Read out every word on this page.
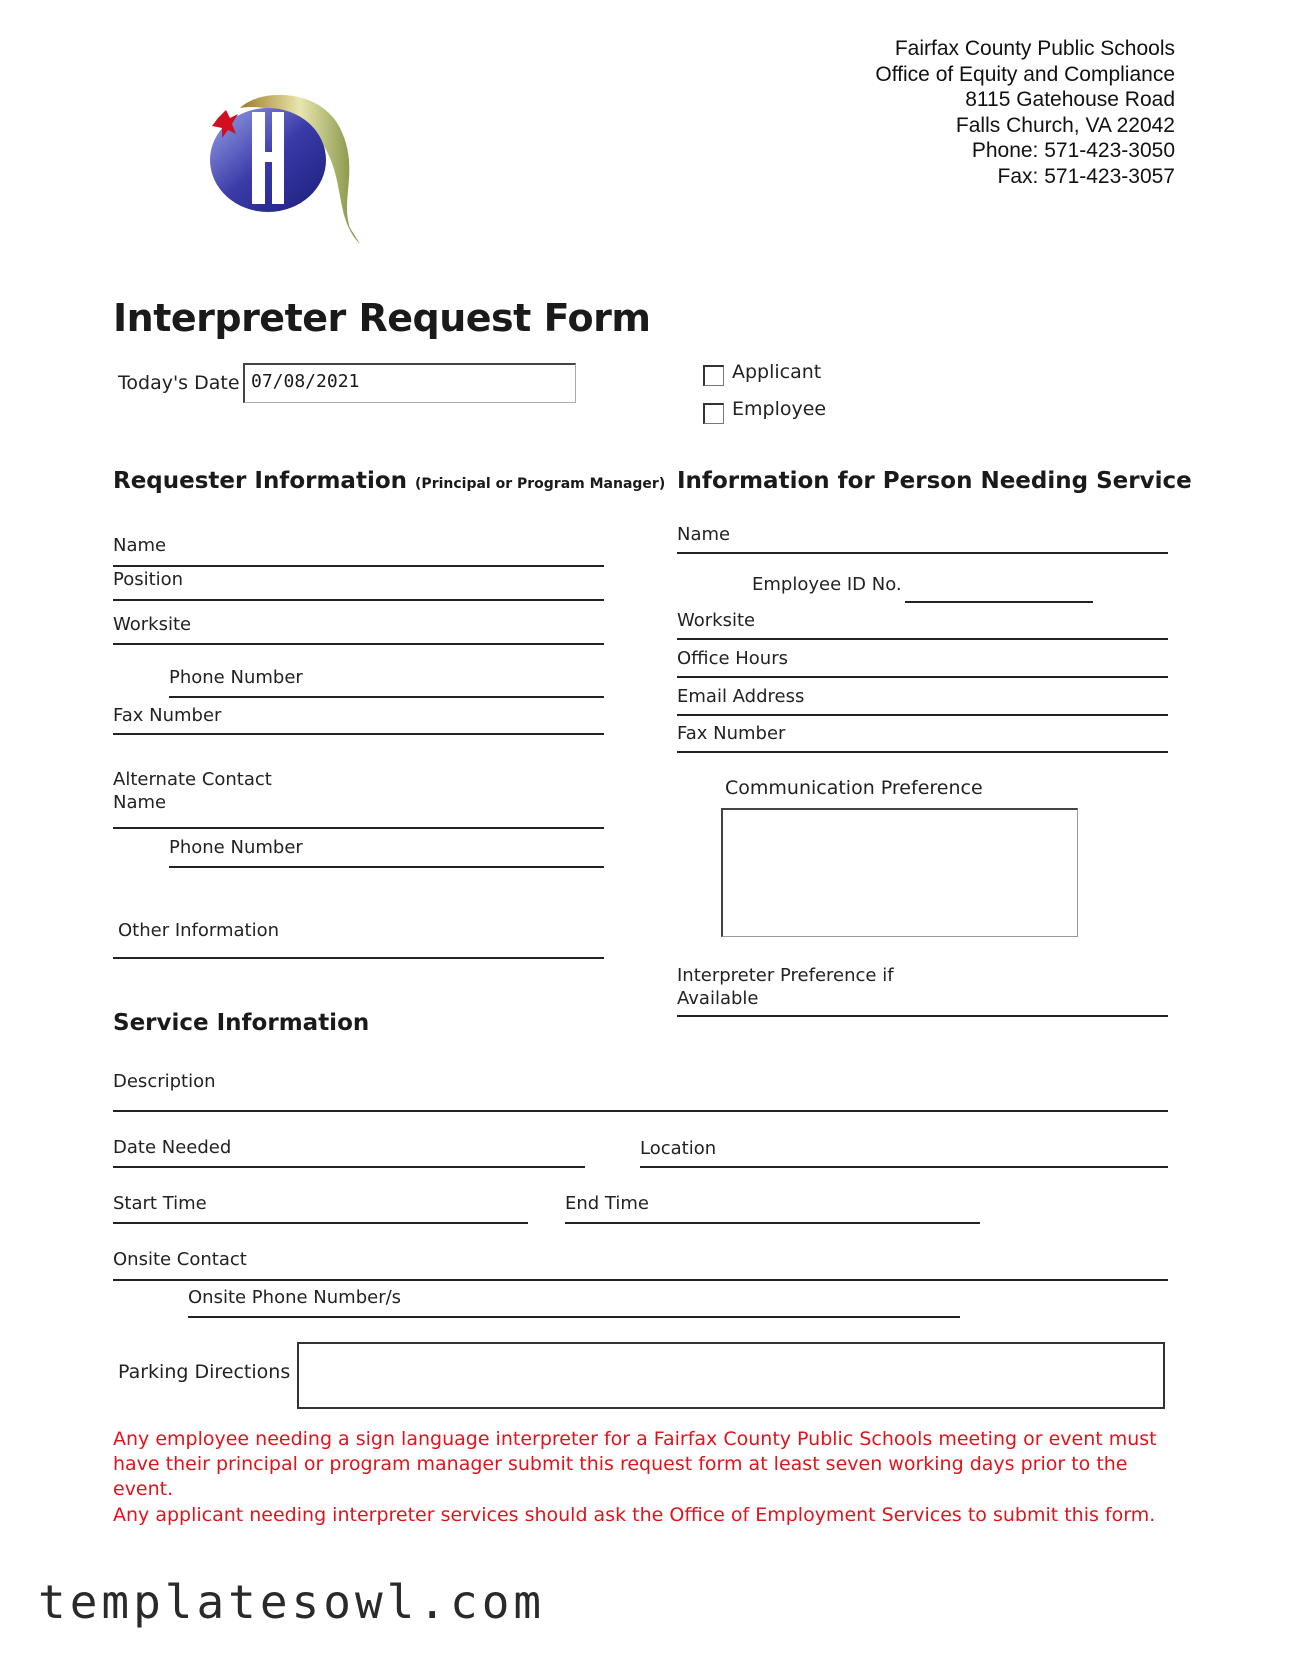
Fairfax County Public Schools
Office of Equity and Compliance
8115 Gatehouse Road
Falls Church, VA 22042
Phone: 571-423-3050
Fax: 571-423-3057
Interpreter Request Form
Today's Date 07/08/2021	Applicant
Employee
Requester Information (Principal or Program Manager)
Name
Position
Worksite
Phone Number
Fax Number
Alternate Contact
Name
Phone Number
Other Information
Information for Person Needing Service
Name
Employee ID No.
Worksite
Office Hours
Email Address
Fax Number
Communication Preference
Interpreter Preference if
Available
Service Information
Description
Date Needed	Location
Start Time	End Time
Onsite Contact
Onsite Phone Number/s
Parking Directions
Any employee needing a sign language interpreter for a Fairfax County Public Schools meeting or event must have their principal or program manager submit this request form at least seven working days prior to the event.
Any applicant needing interpreter services should ask the Office of Employment Services to submit this form.
templatesowl.com
